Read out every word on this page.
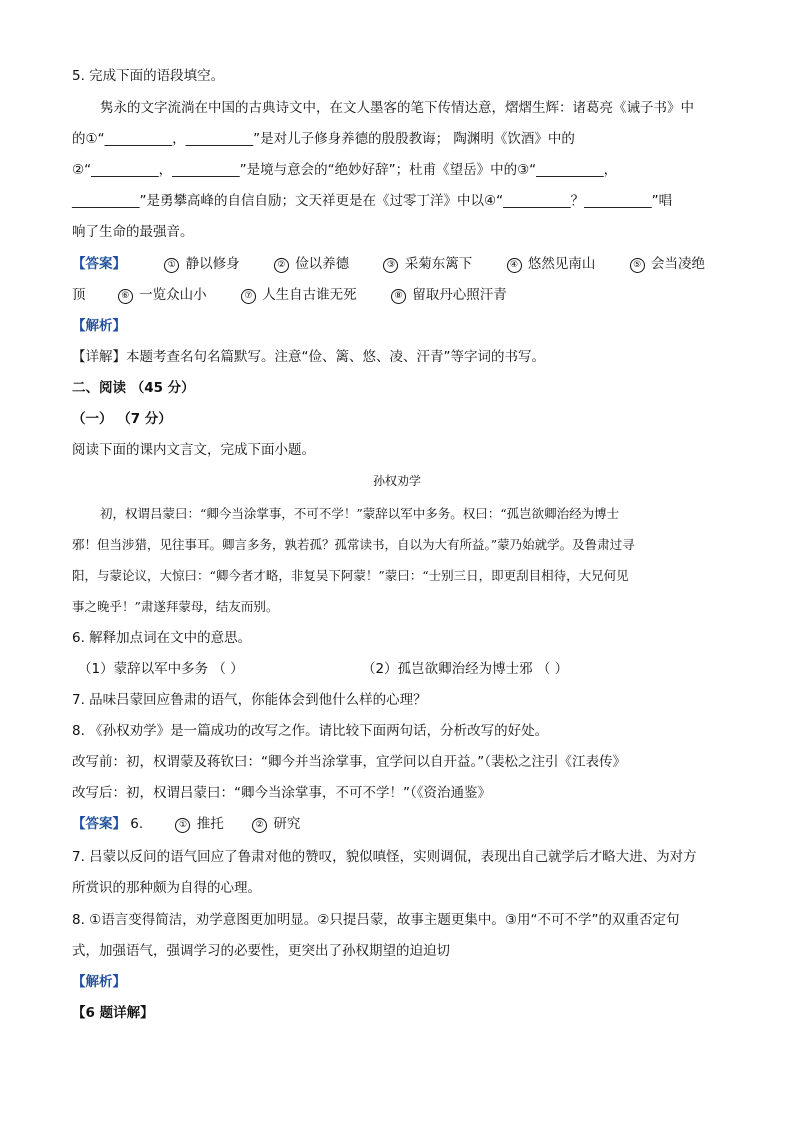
5. 完成下面的语段填空。
隽永的文字流淌在中国的古典诗文中，在文人墨客的笔下传情达意，熠熠生辉：诸葛亮《诫子书》中
的①“__________，__________”是对儿子修身养德的殷殷教诲； 陶渊明《饮酒》中的
②“__________，__________”是境与意会的“绝妙好辞”；杜甫《望岳》中的③“__________，
__________”是勇攀高峰的自信自励；文天祥更是在《过零丁洋》中以④“__________？__________”唱
响了生命的最强音。
【答案】	① 静以修身	② 俭以养德	③ 采菊东篱下	④ 悠然见南山	⑤ 会当凌绝
顶	⑥ 一览众山小	⑦ 人生自古谁无死	⑧ 留取丹心照汗青
【解析】
【详解】本题考查名句名篇默写。注意“俭、篱、悠、凌、汗青”等字词的书写。
二、阅读 （45 分）
（一） （7 分）
阅读下面的课内文言文，完成下面小题。
孙权劝学
初，权谓吕蒙曰：“卿今当涂掌事，不可不学！”蒙辞以军中多务。权曰：“孤岂欲卿治经为博士
邪！但当涉猎，见往事耳。卿言多务，孰若孤？孤常读书，自以为大有所益。”蒙乃始就学。及鲁肃过寻
阳，与蒙论议，大惊曰：“卿今者才略，非复吴下阿蒙！”蒙曰：“士别三日，即更刮目相待，大兄何见
事之晚乎！”肃遂拜蒙母，结友而别。
6. 解释加点词在文中的意思。
（1）蒙辞以军中多务 （ ）	（2）孤岂欲卿治经为博士邪 （ ）
7. 品味吕蒙回应鲁肃的语气，你能体会到他什么样的心理？
8. 《孙权劝学》是一篇成功的改写之作。请比较下面两句话，分析改写的好处。
改写前：初，权谓蒙及蒋钦曰：“卿今并当涂掌事，宜学问以自开益。”（裴松之注引《江表传》
改写后：初，权谓吕蒙曰：“卿今当涂掌事，不可不学！”（《资治通鉴》
【答案】 6.	① 推托	② 研究
7. 吕蒙以反问的语气回应了鲁肃对他的赞叹，貌似嗔怪，实则调侃，表现出自己就学后才略大进、为对方
所赏识的那种颇为自得的心理。
8. ①语言变得简洁，劝学意图更加明显。②只提吕蒙，故事主题更集中。③用“不可不学”的双重否定句
式，加强语气，强调学习的必要性，更突出了孙权期望的迫迫切
【解析】
【6 题详解】
